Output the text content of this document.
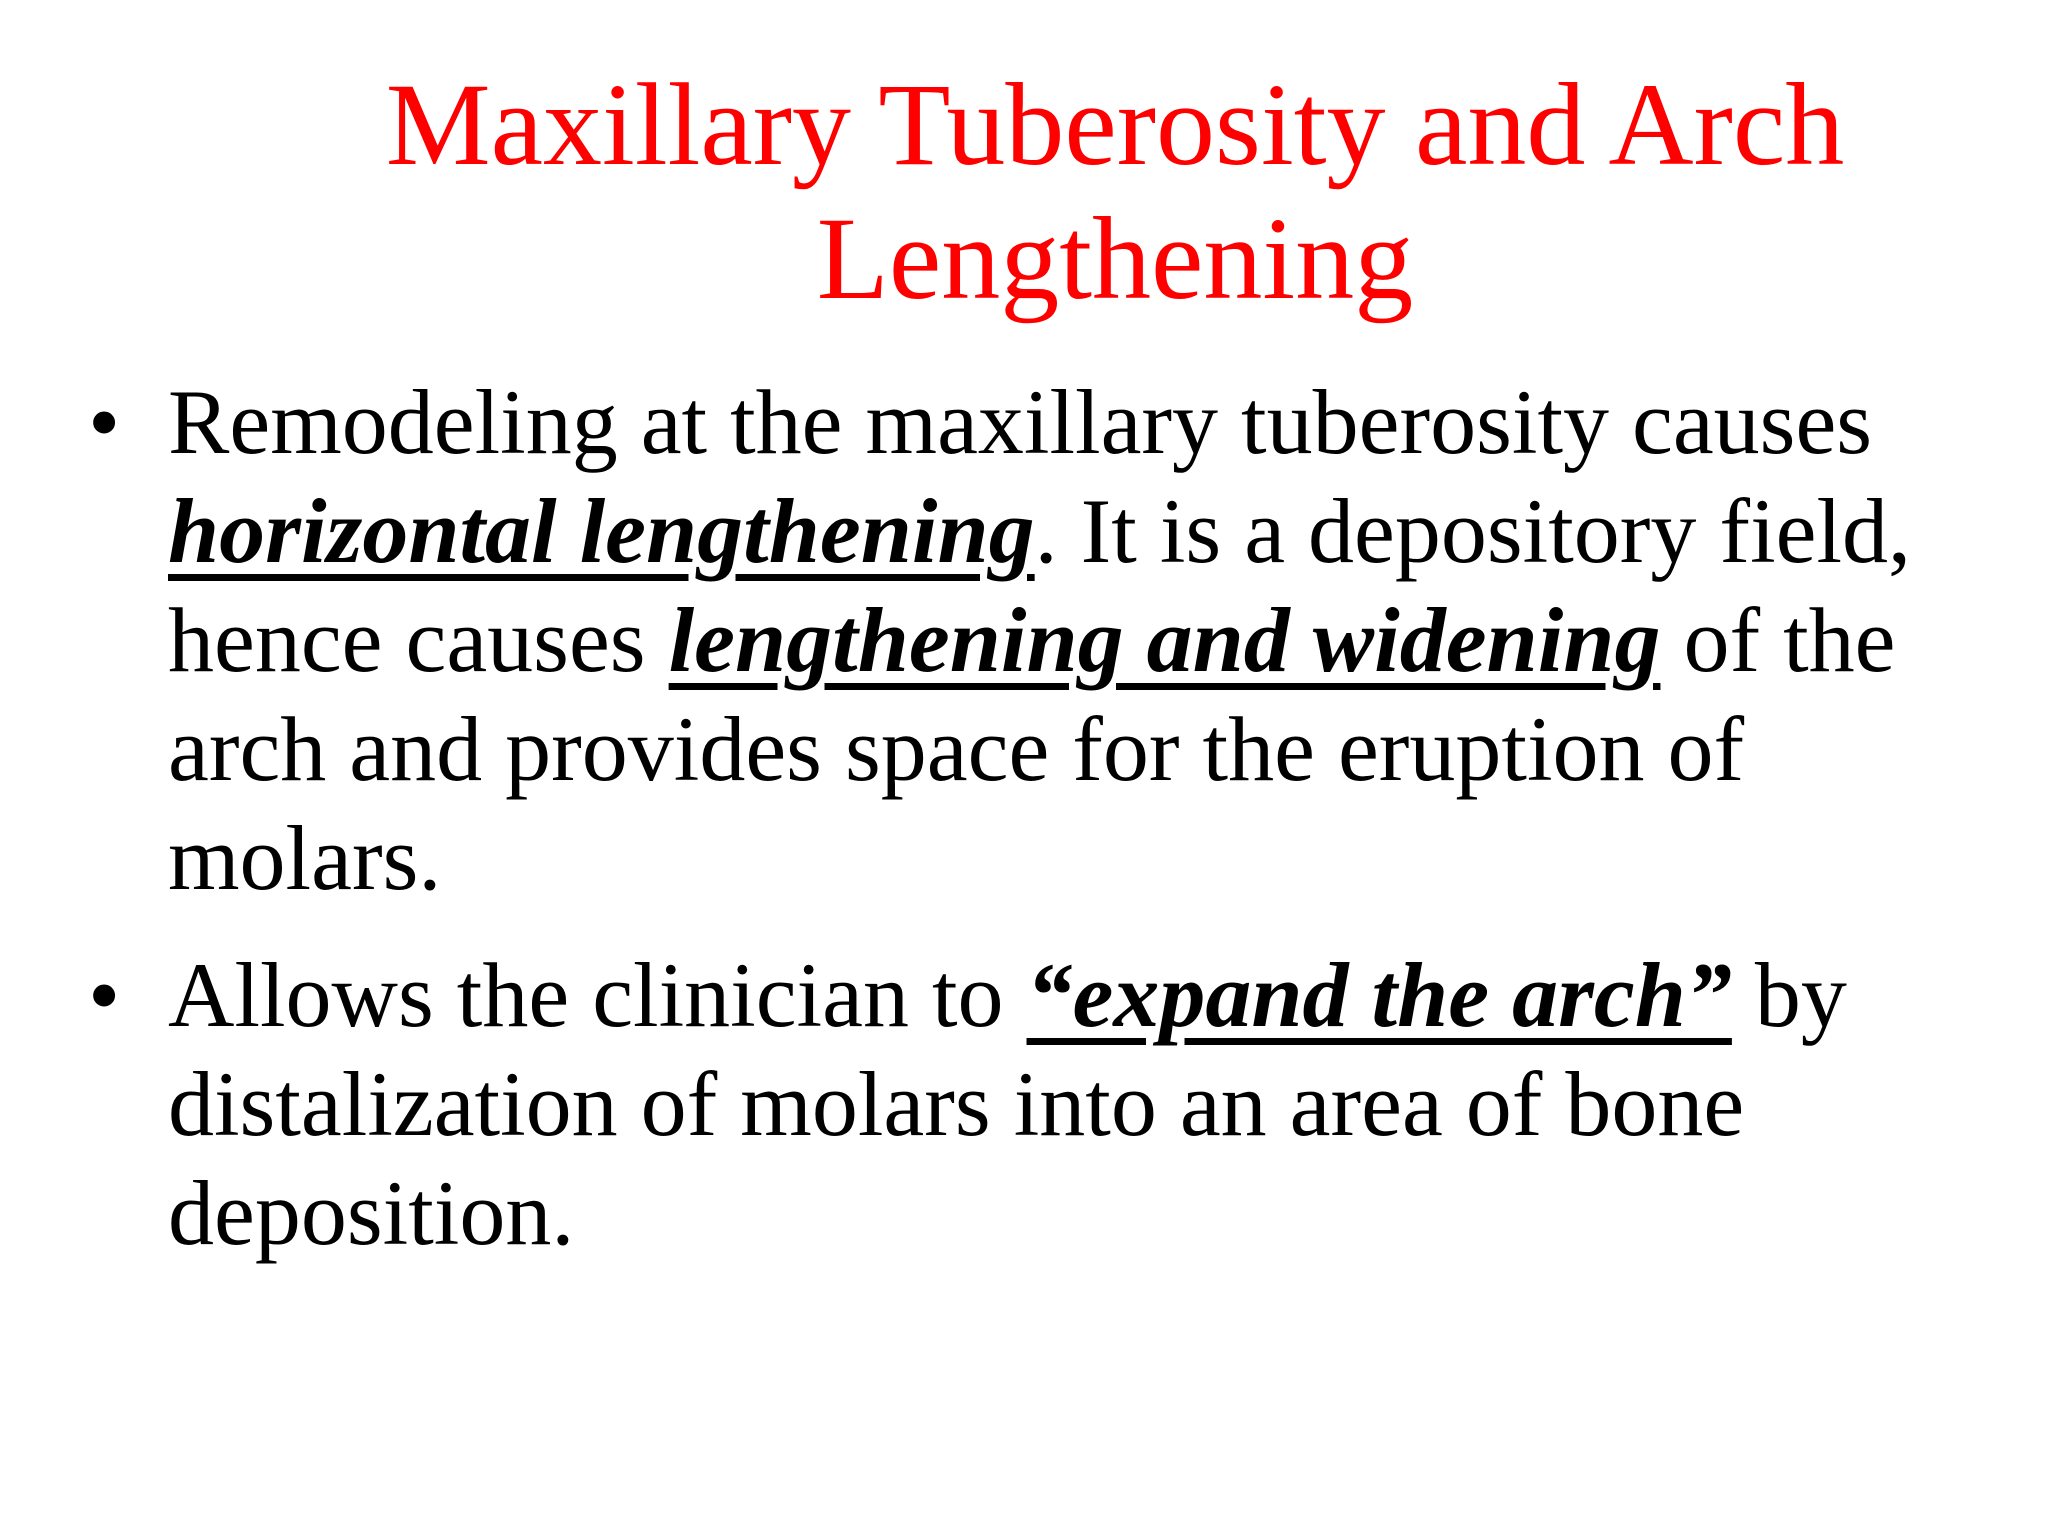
Maxillary Tuberosity and Arch
Lengthening
• Remodeling at the maxillary tuberosity causes horizontal lengthening. It is a depository field, hence causes lengthening and widening of the arch and provides space for the eruption of molars.
• Allows the clinician to “expand the arch” by distalization of molars into an area of bone deposition.
